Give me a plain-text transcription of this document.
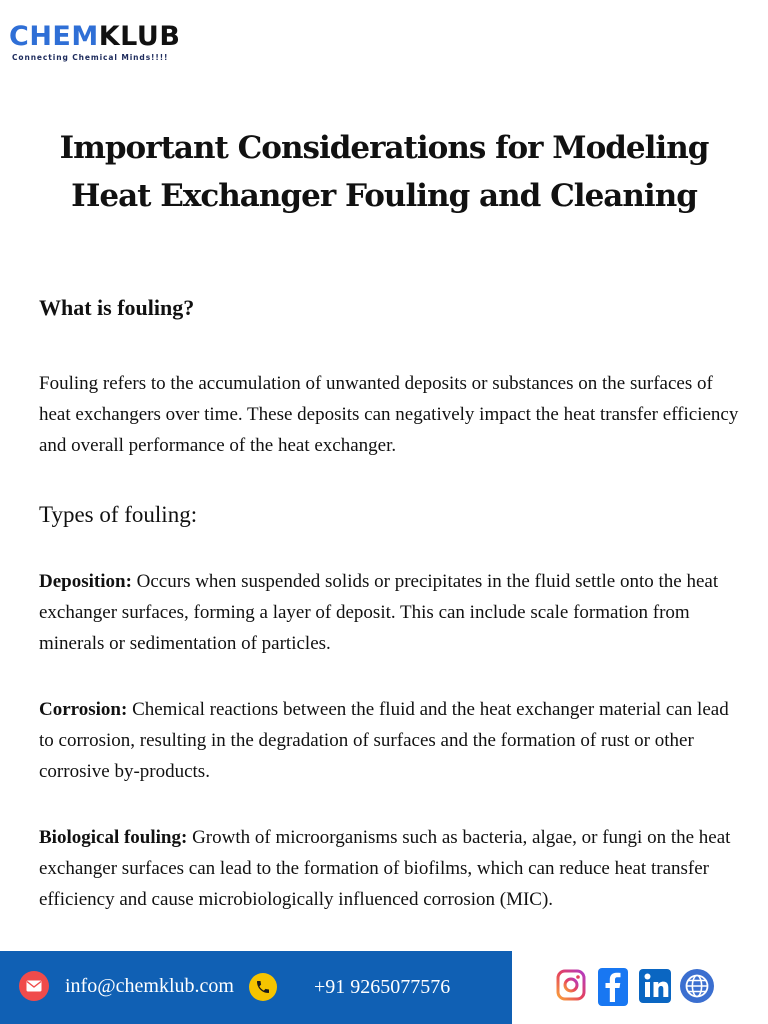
CHEMKLUB
Connecting Chemical Minds!!!!
Important Considerations for Modeling Heat Exchanger Fouling and Cleaning
What is fouling?

Fouling refers to the accumulation of unwanted deposits or substances on the surfaces of heat exchangers over time. These deposits can negatively impact the heat transfer efficiency and overall performance of the heat exchanger.

Types of fouling:

Deposition: Occurs when suspended solids or precipitates in the fluid settle onto the heat exchanger surfaces, forming a layer of deposit. This can include scale formation from minerals or sedimentation of particles.

Corrosion: Chemical reactions between the fluid and the heat exchanger material can lead to corrosion, resulting in the degradation of surfaces and the formation of rust or other corrosive by-products.

Biological fouling: Growth of microorganisms such as bacteria, algae, or fungi on the heat exchanger surfaces can lead to the formation of biofilms, which can reduce heat transfer efficiency and cause microbiologically influenced corrosion (MIC).

info@chemklub.com	+91 9265077576
